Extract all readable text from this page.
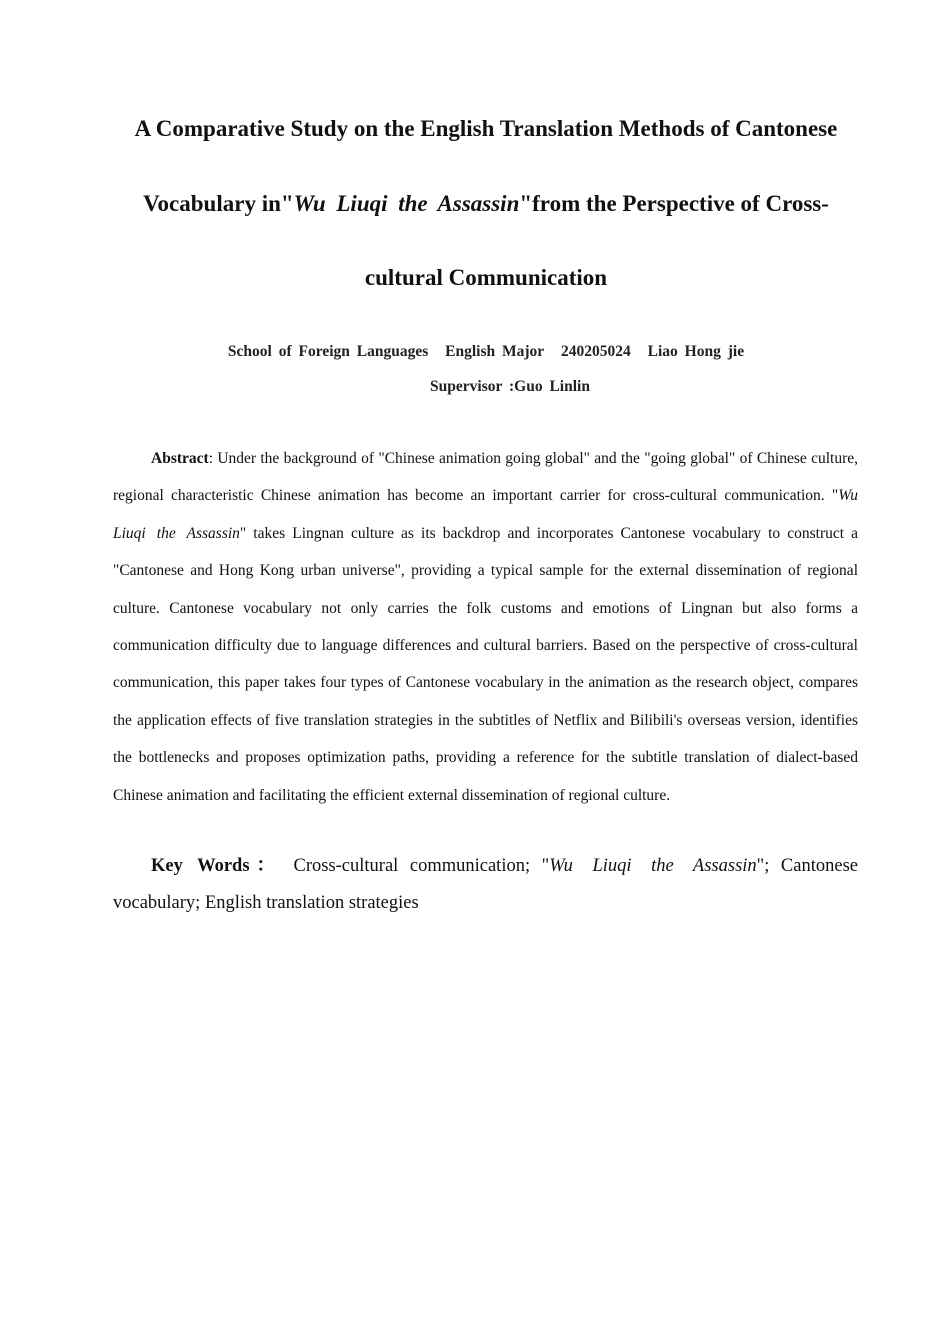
A Comparative Study on the English Translation Methods of Cantonese
Vocabulary in"Wu Liuqi the Assassin"from the Perspective of Cross-
cultural Communication
School of Foreign Languages English Major 240205024 Liao Hong jie
Supervisor :Guo Linlin

Abstract: Under the background of "Chinese animation going global" and the "going global" of Chinese culture, regional characteristic Chinese animation has become an important carrier for cross-cultural communication. "Wu Liuqi the Assassin" takes Lingnan culture as its backdrop and incorporates Cantonese vocabulary to construct a "Cantonese and Hong Kong urban universe", providing a typical sample for the external dissemination of regional culture. Cantonese vocabulary not only carries the folk customs and emotions of Lingnan but also forms a communication difficulty due to language differences and cultural barriers. Based on the perspective of cross-cultural communication, this paper takes four types of Cantonese vocabulary in the animation as the research object, compares the application effects of five translation strategies in the subtitles of Netflix and Bilibili's overseas version, identifies the bottlenecks and proposes optimization paths, providing a reference for the subtitle translation of dialect-based Chinese animation and facilitating the efficient external dissemination of regional culture.

Key Words： Cross-cultural communication; "Wu Liuqi the Assassin"; Cantonese vocabulary; English translation strategies
